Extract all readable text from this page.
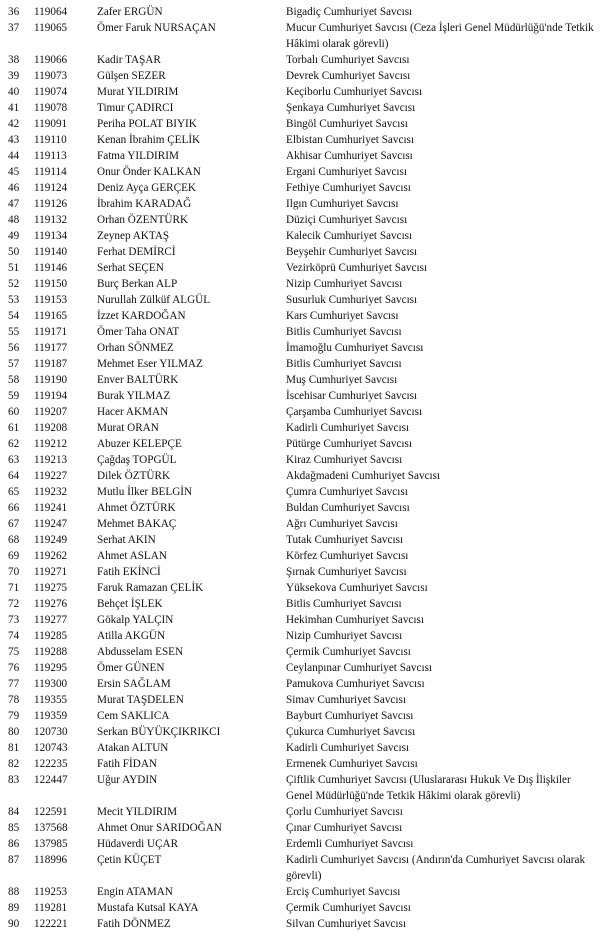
36 119064	Zafer ERGÜN	Bigadiç Cumhuriyet Savcısı
37 119065	Ömer Faruk NURSAÇAN	Mucur Cumhuriyet Savcısı (Ceza İşleri Genel Müdürlüğü'nde Tetkik Hâkimi olarak görevli)
38 119066	Kadir TAŞAR	Torbalı Cumhuriyet Savcısı
39 119073	Gülşen SEZER	Devrek Cumhuriyet Savcısı
40 119074	Murat YILDIRIM	Keçiborlu Cumhuriyet Savcısı
41 119078	Timur ÇADIRCI	Şenkaya Cumhuriyet Savcısı
42 119091	Periha POLAT BIYIK	Bingöl Cumhuriyet Savcısı
43 119110	Kenan İbrahim ÇELİK	Elbistan Cumhuriyet Savcısı
44 119113	Fatma YILDIRIM	Akhisar Cumhuriyet Savcısı
45 119114	Onur Önder KALKAN	Ergani Cumhuriyet Savcısı
46 119124	Deniz Ayça GERÇEK	Fethiye Cumhuriyet Savcısı
47 119126	İbrahim KARADAĞ	Ilgın Cumhuriyet Savcısı
48 119132	Orhan ÖZENTÜRK	Düziçi Cumhuriyet Savcısı
49 119134	Zeynep AKTAŞ	Kalecik Cumhuriyet Savcısı
50 119140	Ferhat DEMİRCİ	Beyşehir Cumhuriyet Savcısı
51 119146	Serhat SEÇEN	Vezirköprü Cumhuriyet Savcısı
52 119150	Burç Berkan ALP	Nizip Cumhuriyet Savcısı
53 119153	Nurullah Zülküf ALGÜL	Susurluk Cumhuriyet Savcısı
54 119165	İzzet KARDOĞAN	Kars Cumhuriyet Savcısı
55 119171	Ömer Taha ONAT	Bitlis Cumhuriyet Savcısı
56 119177	Orhan SÖNMEZ	İmamoğlu Cumhuriyet Savcısı
57 119187	Mehmet Eser YILMAZ	Bitlis Cumhuriyet Savcısı
58 119190	Enver BALTÜRK	Muş Cumhuriyet Savcısı
59 119194	Burak YILMAZ	İscehisar Cumhuriyet Savcısı
60 119207	Hacer AKMAN	Çarşamba Cumhuriyet Savcısı
61 119208	Murat ORAN	Kadirli Cumhuriyet Savcısı
62 119212	Abuzer KELEPÇE	Pütürge Cumhuriyet Savcısı
63 119213	Çağdaş TOPGÜL	Kiraz Cumhuriyet Savcısı
64 119227	Dilek ÖZTÜRK	Akdağmadeni Cumhuriyet Savcısı
65 119232	Mutlu İlker BELGİN	Çumra Cumhuriyet Savcısı
66 119241	Ahmet ÖZTÜRK	Buldan Cumhuriyet Savcısı
67 119247	Mehmet BAKAÇ	Ağrı Cumhuriyet Savcısı
68 119249	Serhat AKIN	Tutak Cumhuriyet Savcısı
69 119262	Ahmet ASLAN	Körfez Cumhuriyet Savcısı
70 119271	Fatih EKİNCİ	Şırnak Cumhuriyet Savcısı
71 119275	Faruk Ramazan ÇELİK	Yüksekova Cumhuriyet Savcısı
72 119276	Behçet İŞLEK	Bitlis Cumhuriyet Savcısı
73 119277	Gökalp YALÇIN	Hekimhan Cumhuriyet Savcısı
74 119285	Atilla AKGÜN	Nizip Cumhuriyet Savcısı
75 119288	Abdusselam ESEN	Çermik Cumhuriyet Savcısı
76 119295	Ömer GÜNEN	Ceylanpınar Cumhuriyet Savcısı
77 119300	Ersin SAĞLAM	Pamukova Cumhuriyet Savcısı
78 119355	Murat TAŞDELEN	Simav Cumhuriyet Savcısı
79 119359	Cem SAKLICA	Bayburt Cumhuriyet Savcısı
80 120730	Serkan BÜYÜKÇIKRIKCI	Çukurca Cumhuriyet Savcısı
81 120743	Atakan ALTUN	Kadirli Cumhuriyet Savcısı
82 122235	Fatih FİDAN	Ermenek Cumhuriyet Savcısı
83 122447	Uğur AYDIN	Çiftlik Cumhuriyet Savcısı (Uluslararası Hukuk Ve Dış İlişkiler Genel Müdürlüğü'nde Tetkik Hâkimi olarak görevli)
84 122591	Mecit YILDIRIM	Çorlu Cumhuriyet Savcısı
85 137568	Ahmet Onur SARIDOĞAN	Çınar Cumhuriyet Savcısı
86 137985	Hüdaverdi UÇAR	Erdemli Cumhuriyet Savcısı
87 118996	Çetin KÜÇET	Kadirli Cumhuriyet Savcısı (Andırın'da Cumhuriyet Savcısı olarak görevli)
88 119253	Engin ATAMAN	Erciş Cumhuriyet Savcısı
89 119281	Mustafa Kutsal KAYA	Çermik Cumhuriyet Savcısı
90 122221	Fatih DÖNMEZ	Silvan Cumhuriyet Savcısı
